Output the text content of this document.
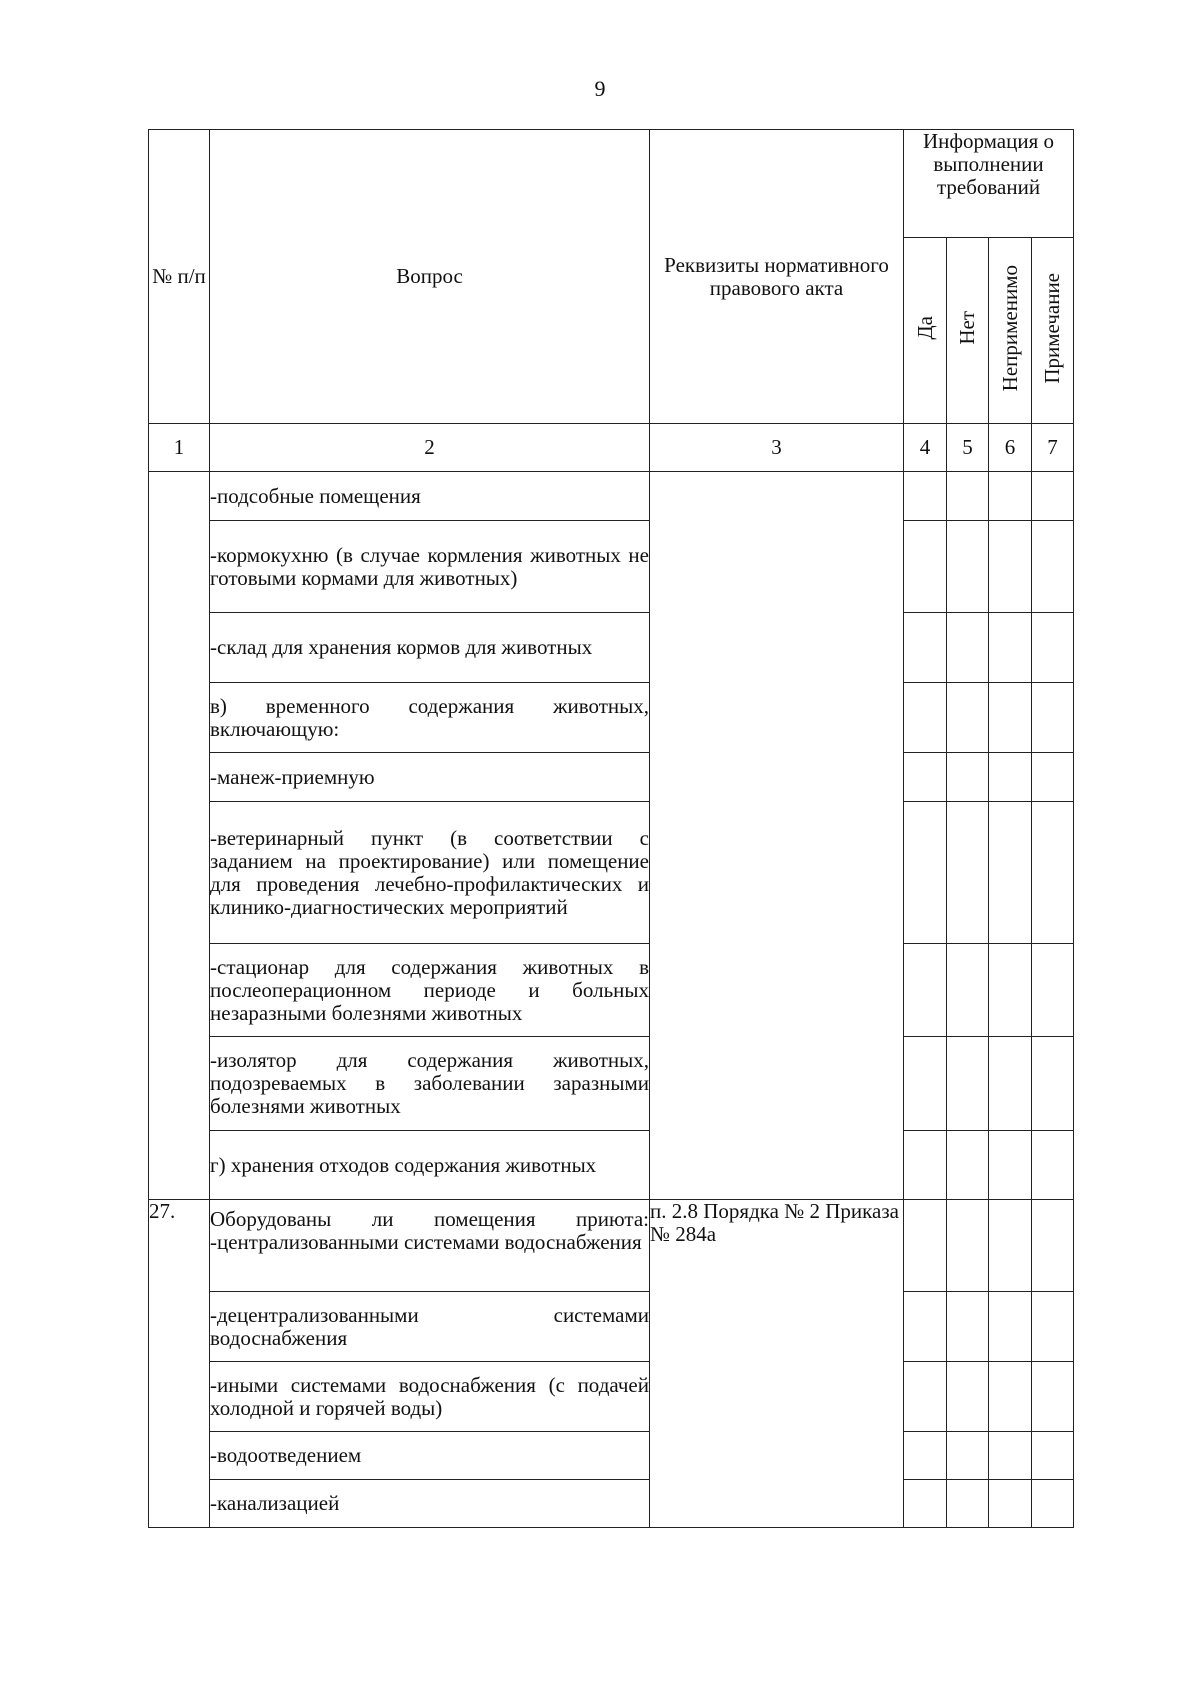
9
№ п/п	Вопрос	Реквизиты нормативного правового акта	Информация о выполнении требований			
			Да	Нет	Неприменимо	Примечание
1	2	3	4	5	6	7
	-подсобные помещения					
	-кормокухню (в случае кормления животных не готовыми кормами для животных)					
	-склад для хранения кормов для животных					
	в) временного содержания животных, включающую:					
	-манеж-приемную					
	-ветеринарный пункт (в соответствии с заданием на проектирование) или помещение для проведения лечебно-профилактических и клинико-диагностических мероприятий					
	-стационар для содержания животных в послеоперационном периоде и больных незаразными болезнями животных					
	-изолятор для содержания животных, подозреваемых в заболевании заразными болезнями животных					
	г) хранения отходов содержания животных					
27.	Оборудованы ли помещения приюта: -централизованными системами водоснабжения	п. 2.8 Порядка № 2 Приказа № 284а				
	-децентрализованными системами водоснабжения					
	-иными системами водоснабжения (с подачей холодной и горячей воды)					
	-водоотведением					
	-канализацией					
